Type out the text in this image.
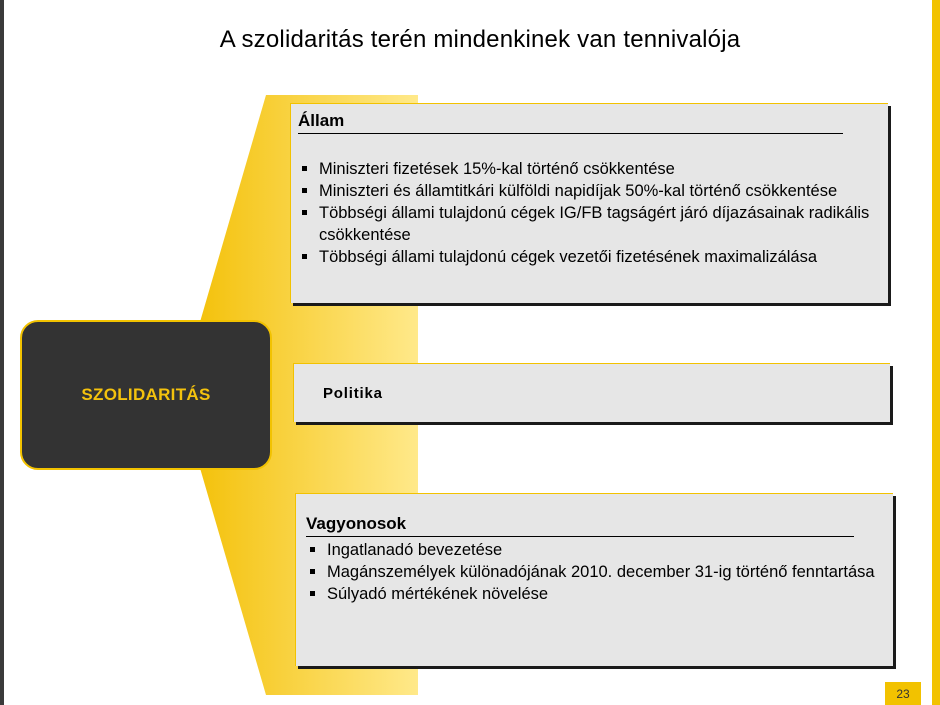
A szolidaritás terén mindenkinek van tennivalója
SZOLIDARITÁS
Állam
Miniszteri fizetések 15%-kal történő csökkentése
Miniszteri és államtitkári külföldi napidíjak 50%-kal történő csökkentése
Többségi állami tulajdonú cégek IG/FB tagságért járó díjazásainak radikális csökkentése
Többségi állami tulajdonú cégek vezetői fizetésének maximalizálása
Politika
Vagyonosok
Ingatlanadó bevezetése
Magánszemélyek különadójának 2010. december 31-ig történő fenntartása
Súlyadó mértékének növelése
23
